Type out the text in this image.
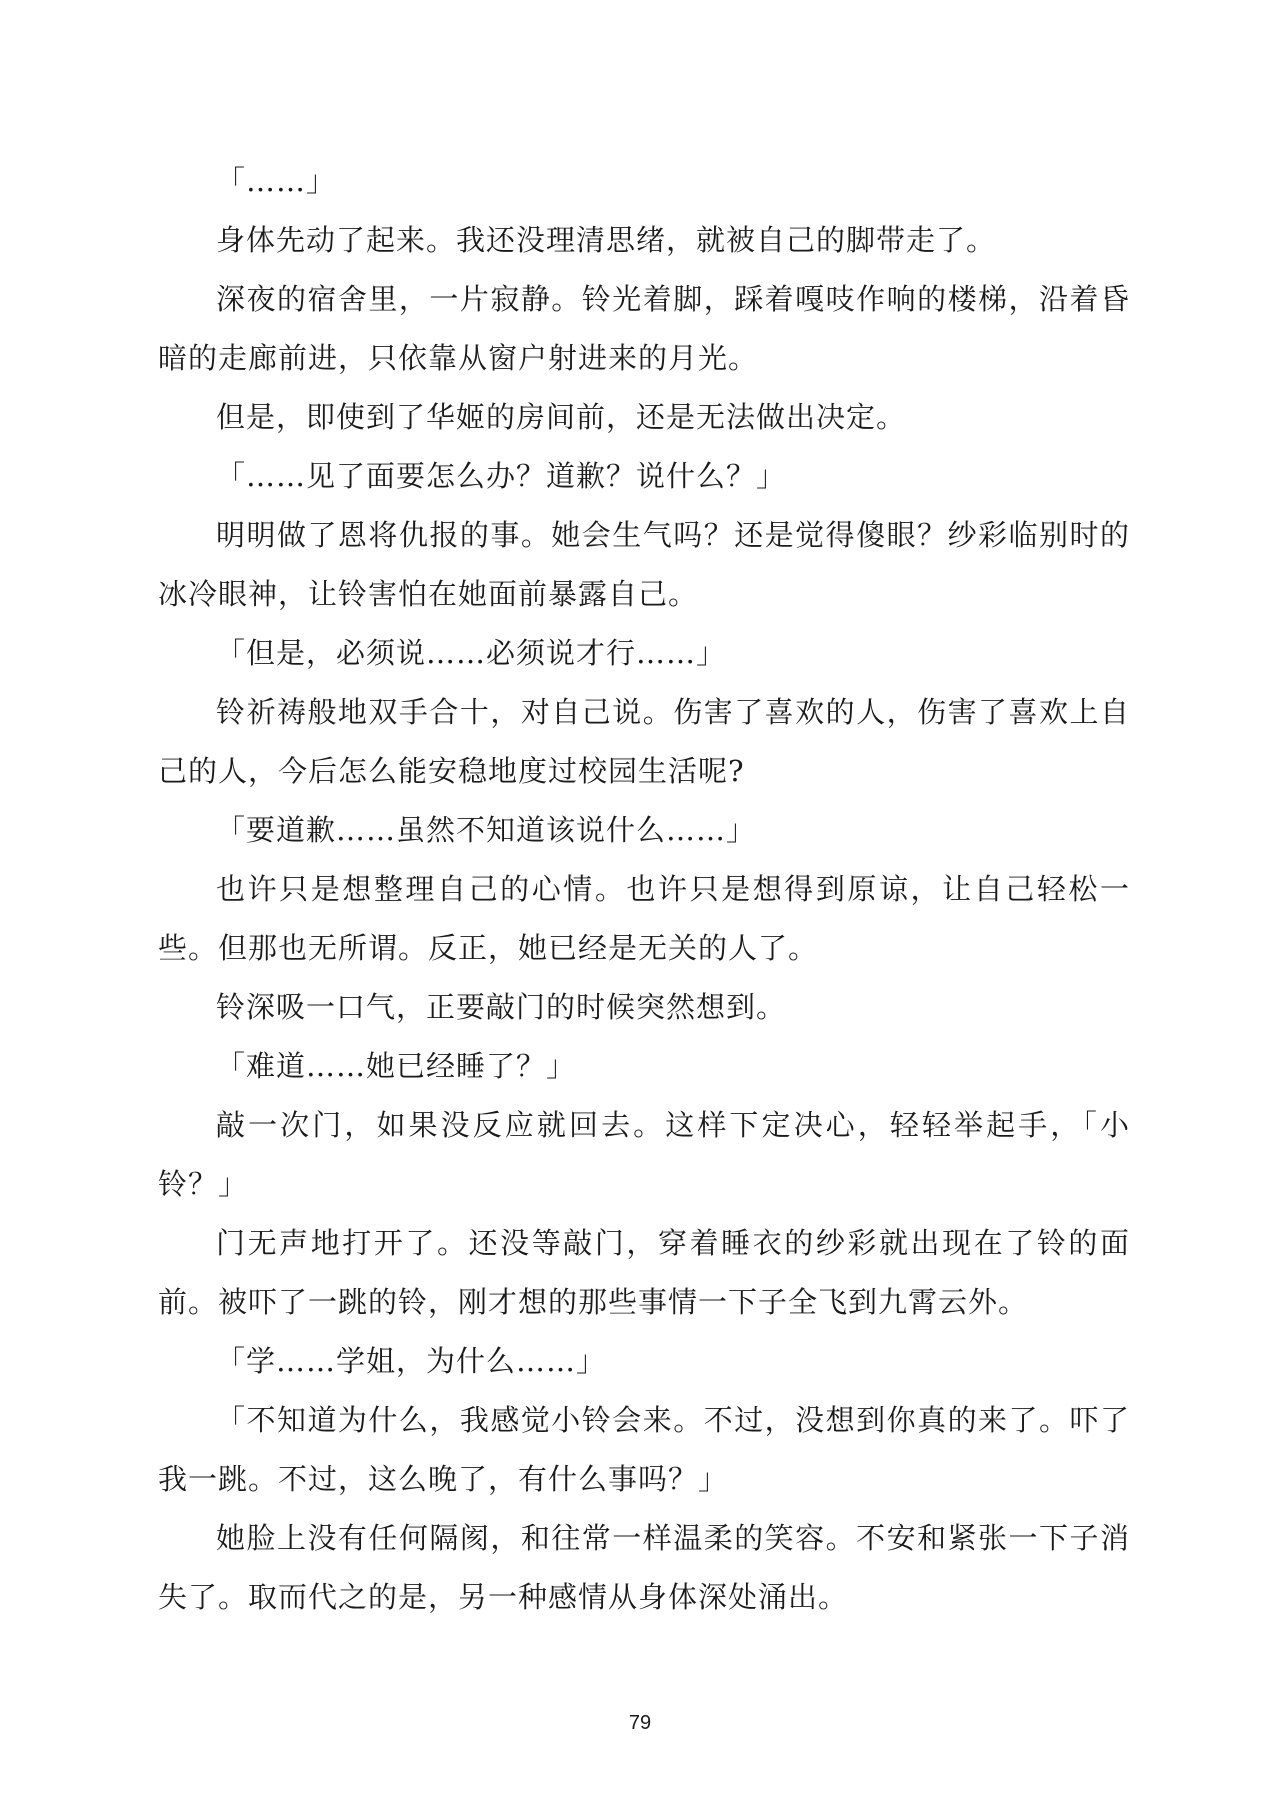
「……」

身体先动了起来。我还没理清思绪，就被自己的脚带走了。

深夜的宿舍里，一片寂静。铃光着脚，踩着嘎吱作响的楼梯，沿着昏暗的走廊前进，只依靠从窗户射进来的月光。

但是，即使到了华姬的房间前，还是无法做出决定。

「……见了面要怎么办？道歉？说什么？」

明明做了恩将仇报的事。她会生气吗？还是觉得傻眼？纱彩临别时的冰冷眼神，让铃害怕在她面前暴露自己。

「但是，必须说……必须说才行……」

铃祈祷般地双手合十，对自己说。伤害了喜欢的人，伤害了喜欢上自己的人，今后怎么能安稳地度过校园生活呢?

「要道歉……虽然不知道该说什么……」

也许只是想整理自己的心情。也许只是想得到原谅，让自己轻松一些。但那也无所谓。反正，她已经是无关的人了。

铃深吸一口气，正要敲门的时候突然想到。

「难道……她已经睡了？」

敲一次门，如果没反应就回去。这样下定决心，轻轻举起手，「小铃？」

门无声地打开了。还没等敲门，穿着睡衣的纱彩就出现在了铃的面前。被吓了一跳的铃，刚才想的那些事情一下子全飞到九霄云外。

「学……学姐，为什么……」

「不知道为什么，我感觉小铃会来。不过，没想到你真的来了。吓了我一跳。不过，这么晚了，有什么事吗？」

她脸上没有任何隔阂，和往常一样温柔的笑容。不安和紧张一下子消失了。取而代之的是，另一种感情从身体深处涌出。

79
